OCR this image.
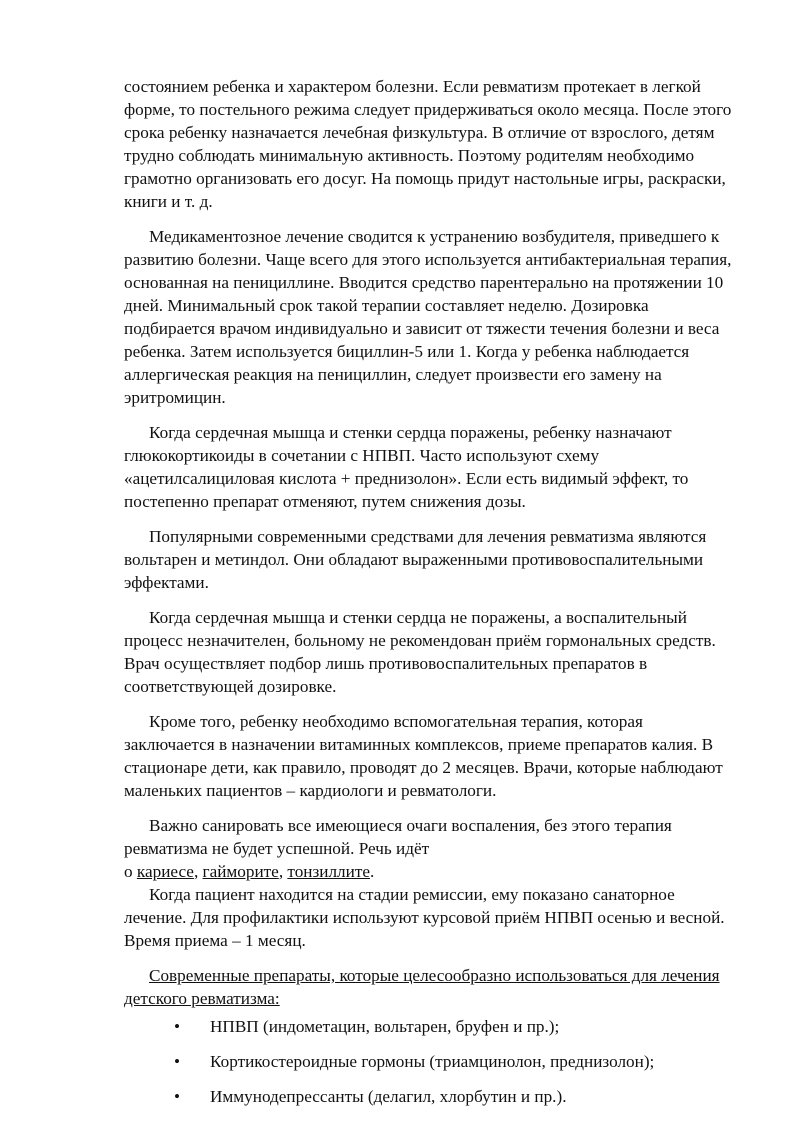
состоянием ребенка и характером болезни. Если ревматизм протекает в легкой форме, то постельного режима следует придерживаться около месяца. После этого срока ребенку назначается лечебная физкультура. В отличие от взрослого, детям трудно соблюдать минимальную активность. Поэтому родителям необходимо грамотно организовать его досуг. На помощь придут настольные игры, раскраски, книги и т. д.

Медикаментозное лечение сводится к устранению возбудителя, приведшего к развитию болезни. Чаще всего для этого используется антибактериальная терапия, основанная на пенициллине. Вводится средство парентерально на протяжении 10 дней. Минимальный срок такой терапии составляет неделю. Дозировка подбирается врачом индивидуально и зависит от тяжести течения болезни и веса ребенка. Затем используется бициллин-5 или 1. Когда у ребенка наблюдается аллергическая реакция на пенициллин, следует произвести его замену на эритромицин.

Когда сердечная мышца и стенки сердца поражены, ребенку назначают глюкокортикоиды в сочетании с НПВП. Часто используют схему «ацетилсалициловая кислота + преднизолон». Если есть видимый эффект, то постепенно препарат отменяют, путем снижения дозы.

Популярными современными средствами для лечения ревматизма являются вольтарен и метиндол. Они обладают выраженными противовоспалительными эффектами.

Когда сердечная мышца и стенки сердца не поражены, а воспалительный процесс незначителен, больному не рекомендован приём гормональных средств. Врач осуществляет подбор лишь противовоспалительных препаратов в соответствующей дозировке.

Кроме того, ребенку необходимо вспомогательная терапия, которая заключается в назначении витаминных комплексов, приеме препаратов калия. В стационаре дети, как правило, проводят до 2 месяцев. Врачи, которые наблюдают маленьких пациентов – кардиологи и ревматологи.

Важно санировать все имеющиеся очаги воспаления, без этого терапия ревматизма не будет успешной. Речь идёт
о кариесе, гайморите, тонзиллите.

Когда пациент находится на стадии ремиссии, ему показано санаторное лечение. Для профилактики используют курсовой приём НПВП осенью и весной. Время приема – 1 месяц.

Современные препараты, которые целесообразно использоваться для лечения детского ревматизма:

• НПВП (индометацин, вольтарен, бруфен и пр.);
• Кортикостероидные гормоны (триамцинолон, преднизолон);
• Иммунодепрессанты (делагил, хлорбутин и пр.).
